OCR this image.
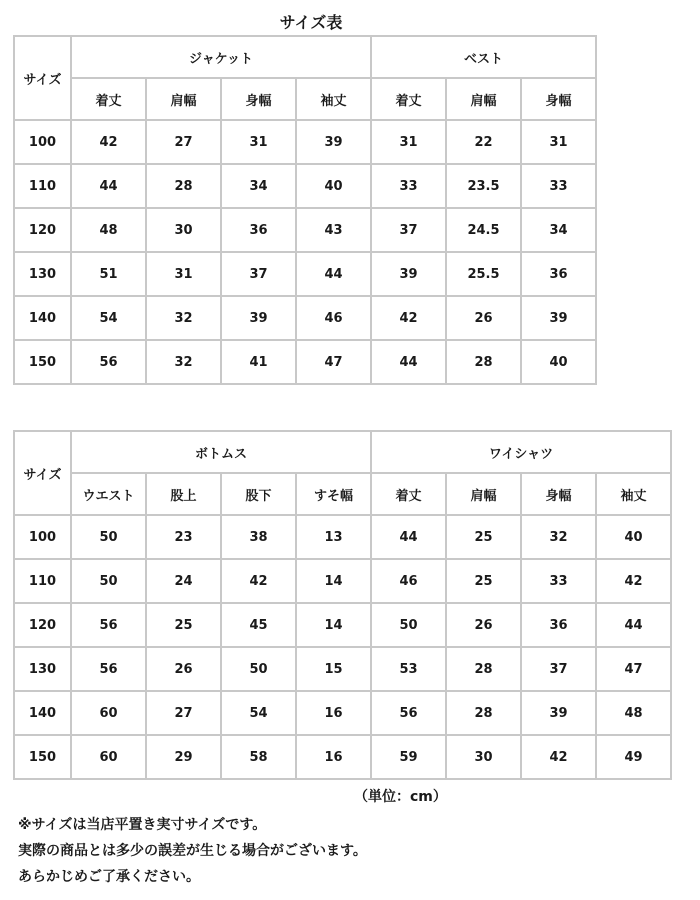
サイズ表
サイズ	ジャケット				ベスト		
	着丈	肩幅	身幅	袖丈	着丈	肩幅	身幅
100	42	27	31	39	31	22	31
110	44	28	34	40	33	23.5	33
120	48	30	36	43	37	24.5	34
130	51	31	37	44	39	25.5	36
140	54	32	39	46	42	26	39
150	56	32	41	47	44	28	40
サイズ	ボトムス				ワイシャツ			
	ウエスト	股上	股下	すそ幅	着丈	肩幅	身幅	袖丈
100	50	23	38	13	44	25	32	40
110	50	24	42	14	46	25	33	42
120	56	25	45	14	50	26	36	44
130	56	26	50	15	53	28	37	47
140	60	27	54	16	56	28	39	48
150	60	29	58	16	59	30	42	49
（単位：cm）
※サイズは当店平置き実寸サイズです。
実際の商品とは多少の誤差が生じる場合がございます。
あらかじめご了承ください。
